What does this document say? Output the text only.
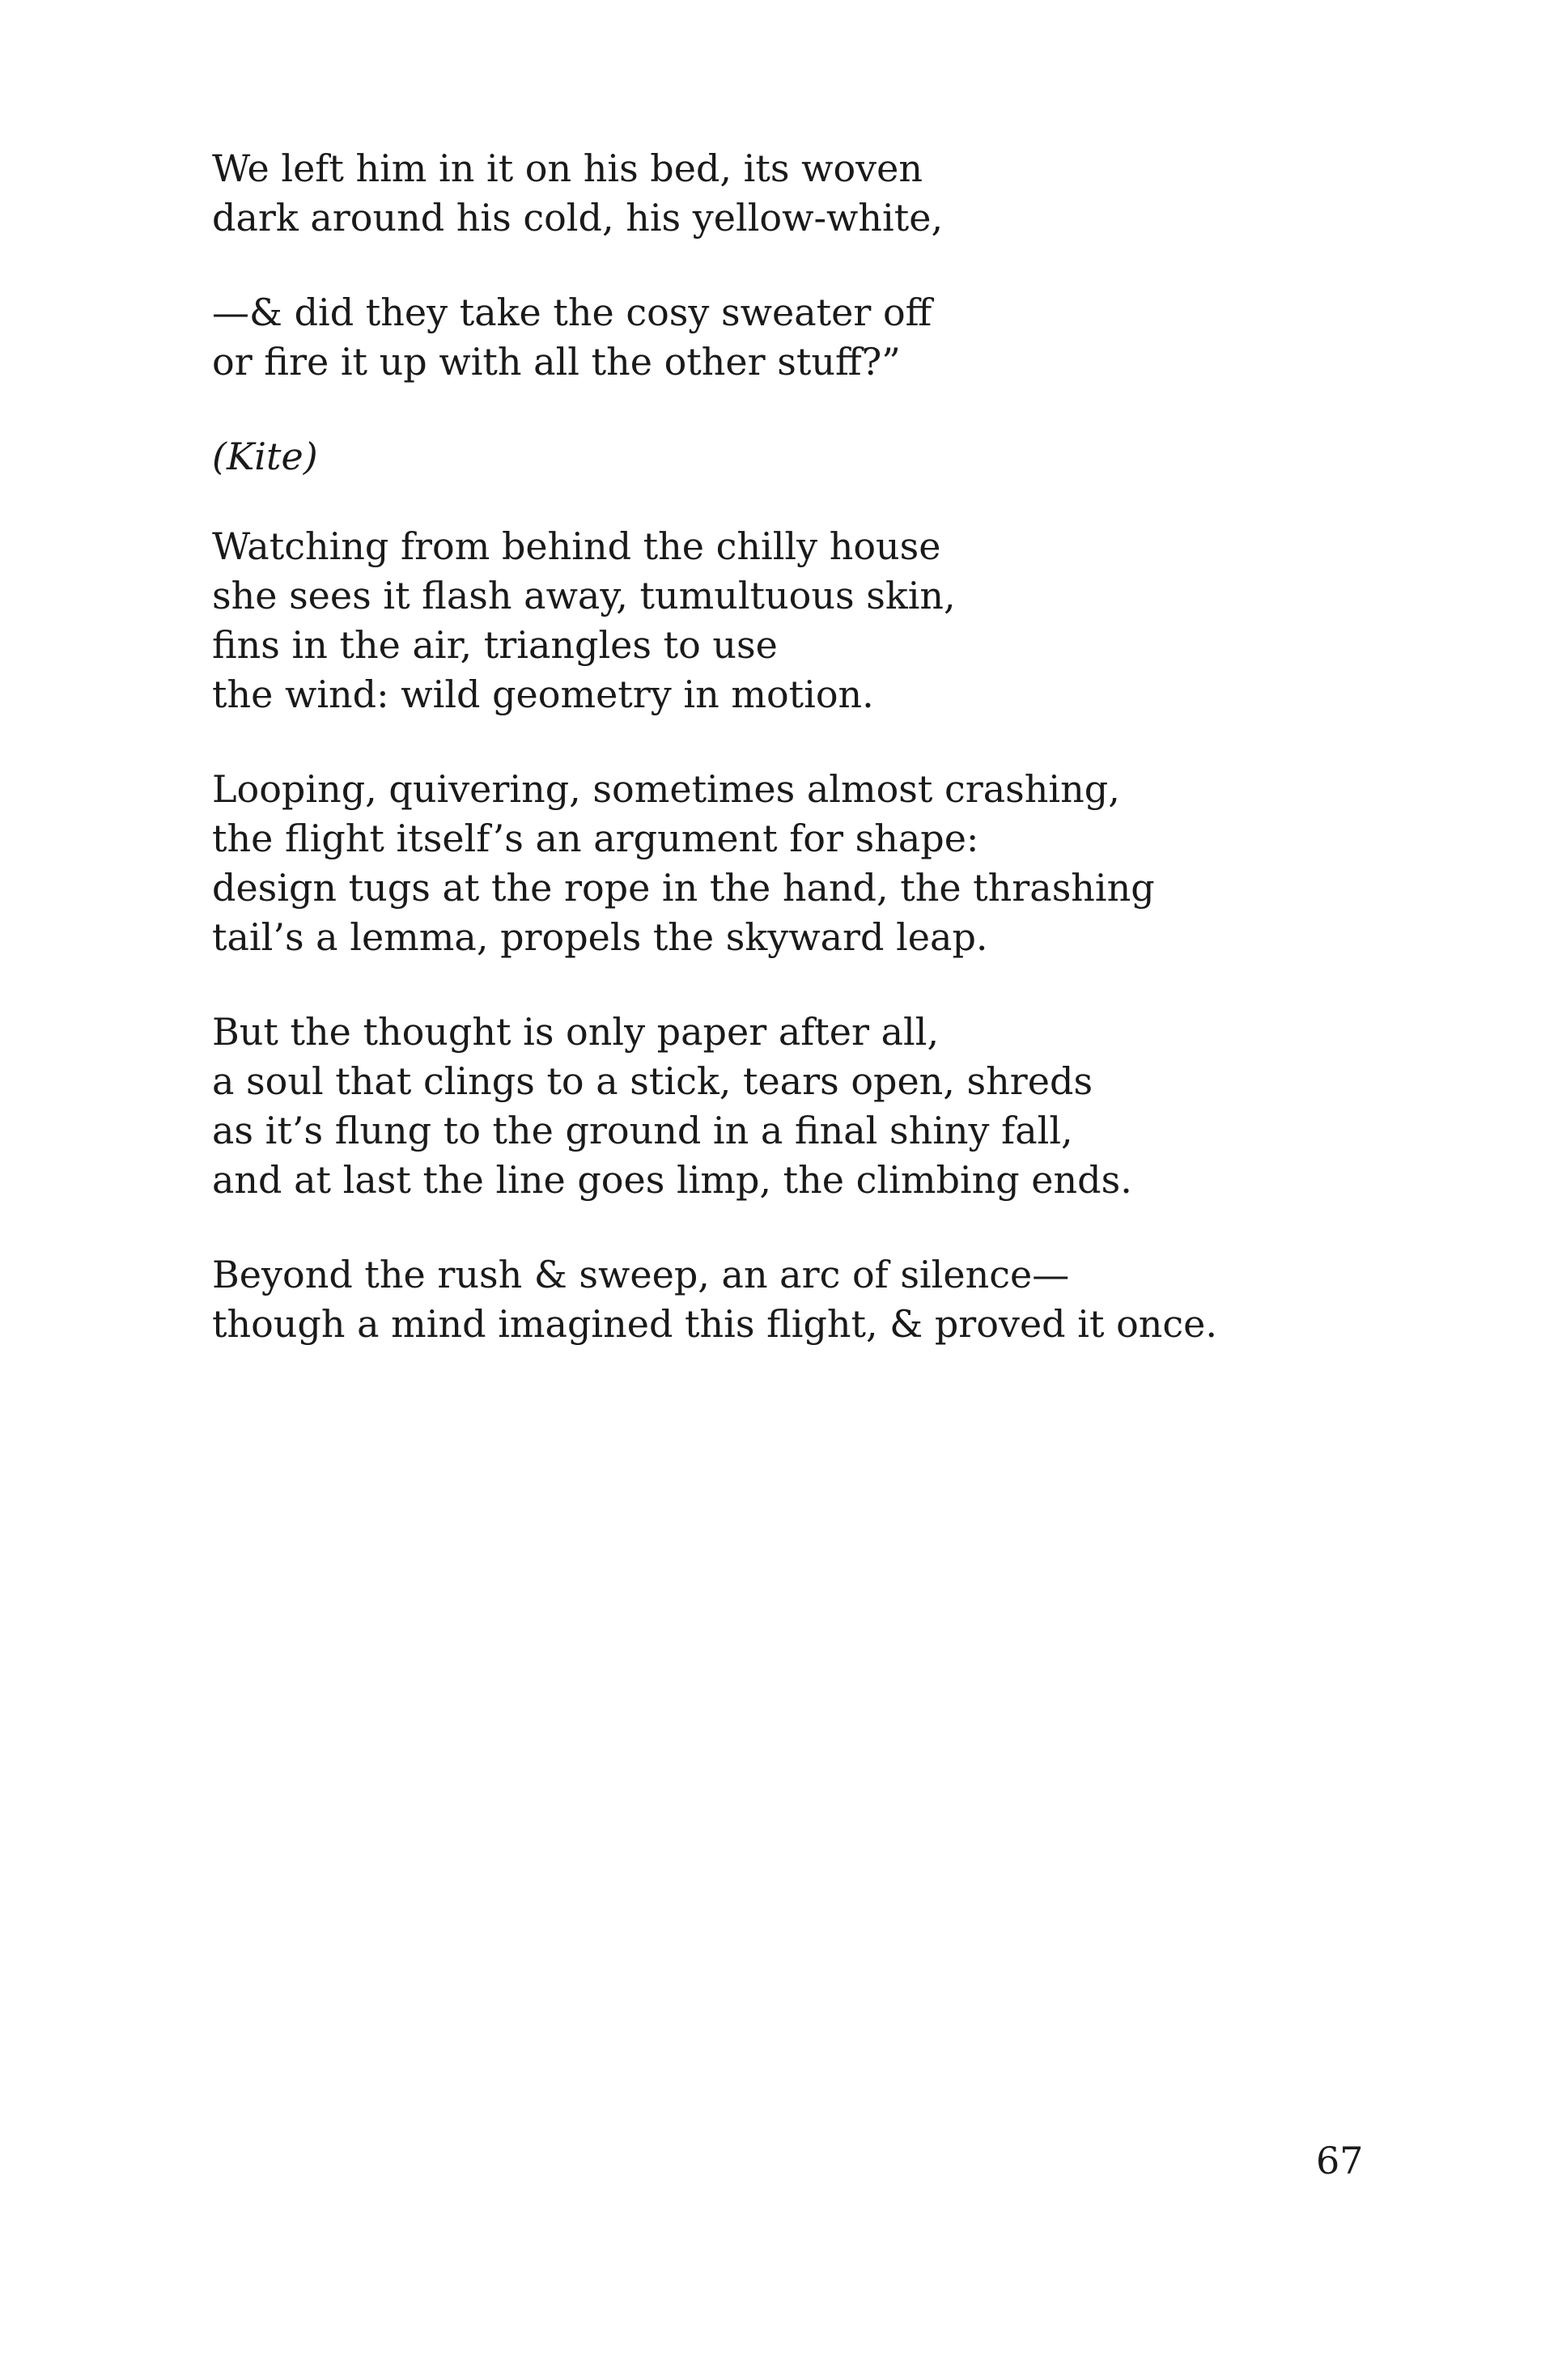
We left him in it on his bed, its woven
dark around his cold, his yellow-white,
—& did they take the cosy sweater off
or fire it up with all the other stuff?”
(Kite)
Watching from behind the chilly house
she sees it flash away, tumultuous skin,
fins in the air, triangles to use
the wind: wild geometry in motion.
Looping, quivering, sometimes almost crashing,
the flight itself’s an argument for shape:
design tugs at the rope in the hand, the thrashing
tail’s a lemma, propels the skyward leap.
But the thought is only paper after all,
a soul that clings to a stick, tears open, shreds
as it’s flung to the ground in a final shiny fall,
and at last the line goes limp, the climbing ends.
Beyond the rush & sweep, an arc of silence—
though a mind imagined this flight, & proved it once.
67
